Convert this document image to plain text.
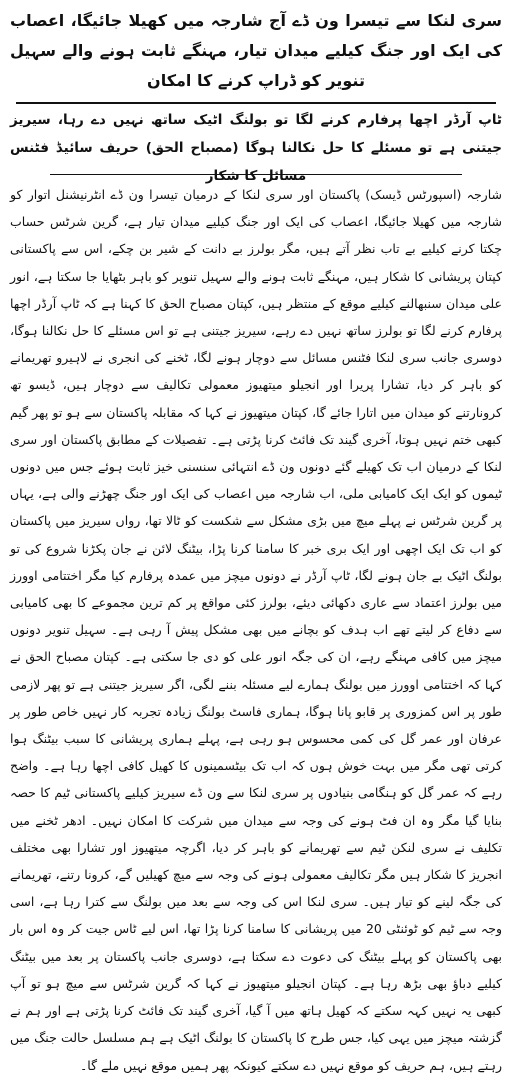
سری لنکا سے تیسرا ون ڈے آج شارجہ میں کھیلا جائیگا، اعصاب کی ایک اور جنگ کیلیے میدان تیار، مہنگے ثابت ہونے والے سہیل تنویر کو ڈراپ کرنے کا امکان
ٹاپ آرڈر اچھا پرفارم کرنے لگا تو بولنگ اٹیک ساتھ نہیں دے رہا، سیریز جیتنی ہے تو مسئلے کا حل نکالنا ہوگا (مصباح الحق) حریف سائیڈ فٹنس مسائل کا شکار

شارجہ (اسپورٹس ڈیسک) پاکستان اور سری لنکا کے درمیان تیسرا ون ڈے انٹرنیشنل اتوار کو شارجہ میں کھیلا جائیگا، اعصاب کی ایک اور جنگ کیلیے میدان تیار ہے، گرین شرٹس حساب چکتا کرنے کیلیے بے تاب نظر آتے ہیں، مگر بولرز بے دانت کے شیر بن چکے، اس سے پاکستانی کپتان پریشانی کا شکار ہیں، مہنگے ثابت ہونے والے سہیل تنویر کو باہر بٹھایا جا سکتا ہے، انور علی میدان سنبھالنے کیلیے موقع کے منتظر ہیں، کپتان مصباح الحق کا کہنا ہے کہ ٹاپ آرڈر اچھا پرفارم کرنے لگا تو بولرز ساتھ نہیں دے رہے، سیریز جیتنی ہے تو اس مسئلے کا حل نکالنا ہوگا، دوسری جانب سری لنکا فٹنس مسائل سے دوچار ہونے لگا، ٹخنے کی انجری نے لاہیرو تھریمانے کو باہر کر دیا، تشارا پریرا اور انجیلو میتھیوز معمولی تکالیف سے دوچار ہیں، ڈیسو تھ کرونارتنے کو میدان میں اتارا جائے گا، کپتان میتھیوز نے کہا کہ مقابلہ پاکستان سے ہو تو پھر گیم کبھی ختم نہیں ہوتا، آخری گیند تک فائٹ کرنا پڑتی ہے۔ تفصیلات کے مطابق پاکستان اور سری لنکا کے درمیان اب تک کھیلے گئے دونوں ون ڈے انتہائی سنسنی خیز ثابت ہوئے جس میں دونوں ٹیموں کو ایک ایک کامیابی ملی، اب شارجہ میں اعصاب کی ایک اور جنگ چھڑنے والی ہے، یہاں پر گرین شرٹس نے پہلے میچ میں بڑی مشکل سے شکست کو ٹالا تھا، رواں سیریز میں پاکستان کو اب تک ایک اچھی اور ایک بری خبر کا سامنا کرنا پڑا، بیٹنگ لائن نے جان پکڑنا شروع کی تو بولنگ اٹیک بے جان ہونے لگا، ٹاپ آرڈر نے دونوں میچز میں عمدہ پرفارم کیا مگر اختتامی اوورز میں بولرز اعتماد سے عاری دکھائی دیئے، بولرز کئی مواقع پر کم ترین مجموعے کا بھی کامیابی سے دفاع کر لیتے تھے اب ہدف کو بچانے میں بھی مشکل پیش آ رہی ہے۔ سہیل تنویر دونوں میچز میں کافی مہنگے رہے، ان کی جگہ انور علی کو دی جا سکتی ہے۔ کپتان مصباح الحق نے کہا کہ اختتامی اوورز میں بولنگ ہمارے لیے مسئلہ بننے لگی، اگر سیریز جیتنی ہے تو پھر لازمی طور پر اس کمزوری پر قابو پانا ہوگا، ہماری فاسٹ بولنگ زیادہ تجربہ کار نہیں خاص طور پر عرفان اور عمر گل کی کمی محسوس ہو رہی ہے، پہلے ہماری پریشانی کا سبب بیٹنگ ہوا کرتی تھی مگر میں بہت خوش ہوں کہ اب تک بیٹسمینوں کا کھیل کافی اچھا رہا ہے۔ واضح رہے کہ عمر گل کو ہنگامی بنیادوں پر سری لنکا سے ون ڈے سیریز کیلیے پاکستانی ٹیم کا حصہ بنایا گیا مگر وہ ان فٹ ہونے کی وجہ سے میدان میں شرکت کا امکان نہیں۔ ادھر ٹخنے میں تکلیف نے سری لنکن ٹیم سے تھریمانے کو باہر کر دیا، اگرچہ میتھیوز اور تشارا بھی مختلف انجریز کا شکار ہیں مگر تکالیف معمولی ہونے کی وجہ سے میچ کھیلیں گے، کرونا رتنے، تھریمانے کی جگہ لینے کو تیار ہیں۔ سری لنکا اس کی وجہ سے بعد میں بولنگ سے کترا رہا ہے، اسی وجہ سے ٹیم کو ٹوئنٹی 20 میں پریشانی کا سامنا کرنا پڑا تھا، اس لیے ٹاس جیت کر وہ اس بار بھی پاکستان کو پہلے بیٹنگ کی دعوت دے سکتا ہے، دوسری جانب پاکستان پر بعد میں بیٹنگ کیلیے دباؤ بھی بڑھ رہا ہے۔ کپتان انجیلو میتھیوز نے کہا کہ گرین شرٹس سے میچ ہو تو آپ کبھی یہ نہیں کہہ سکتے کہ کھیل ہاتھ میں آ گیا، آخری گیند تک فائٹ کرنا پڑتی ہے اور ہم نے گزشتہ میچز میں یہی کیا، جس طرح کا پاکستان کا بولنگ اٹیک ہے ہم مسلسل حالت جنگ میں رہتے ہیں، ہم حریف کو موقع نہیں دے سکتے کیونکہ پھر ہمیں موقع نہیں ملے گا۔
